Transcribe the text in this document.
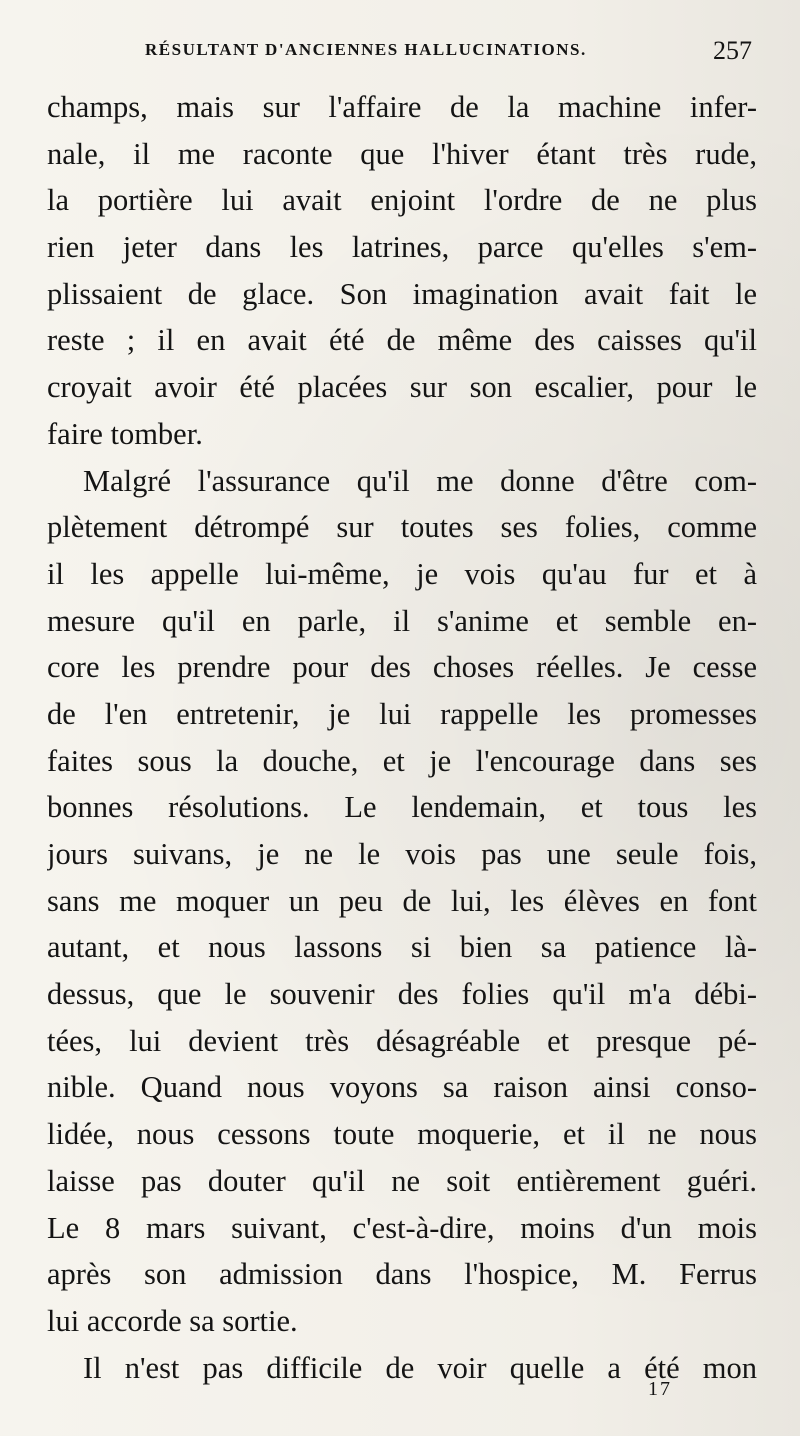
RÉSULTANT D'ANCIENNES HALLUCINATIONS.	257
champs, mais sur l'affaire de la machine infer-
nale, il me raconte que l'hiver étant très rude,
la portière lui avait enjoint l'ordre de ne plus
rien jeter dans les latrines, parce qu'elles s'em-
plissaient de glace. Son imagination avait fait le
reste ; il en avait été de même des caisses qu'il
croyait avoir été placées sur son escalier, pour le
faire tomber.
Malgré l'assurance qu'il me donne d'être com-
plètement détrompé sur toutes ses folies, comme
il les appelle lui-même, je vois qu'au fur et à
mesure qu'il en parle, il s'anime et semble en-
core les prendre pour des choses réelles. Je cesse
de l'en entretenir, je lui rappelle les promesses
faites sous la douche, et je l'encourage dans ses
bonnes résolutions. Le lendemain, et tous les
jours suivans, je ne le vois pas une seule fois,
sans me moquer un peu de lui, les élèves en font
autant, et nous lassons si bien sa patience là-
dessus, que le souvenir des folies qu'il m'a débi-
tées, lui devient très désagréable et presque pé-
nible. Quand nous voyons sa raison ainsi conso-
lidée, nous cessons toute moquerie, et il ne nous
laisse pas douter qu'il ne soit entièrement guéri.
Le 8 mars suivant, c'est-à-dire, moins d'un mois
après son admission dans l'hospice, M. Ferrus
lui accorde sa sortie.
Il n'est pas difficile de voir quelle a été mon
17
